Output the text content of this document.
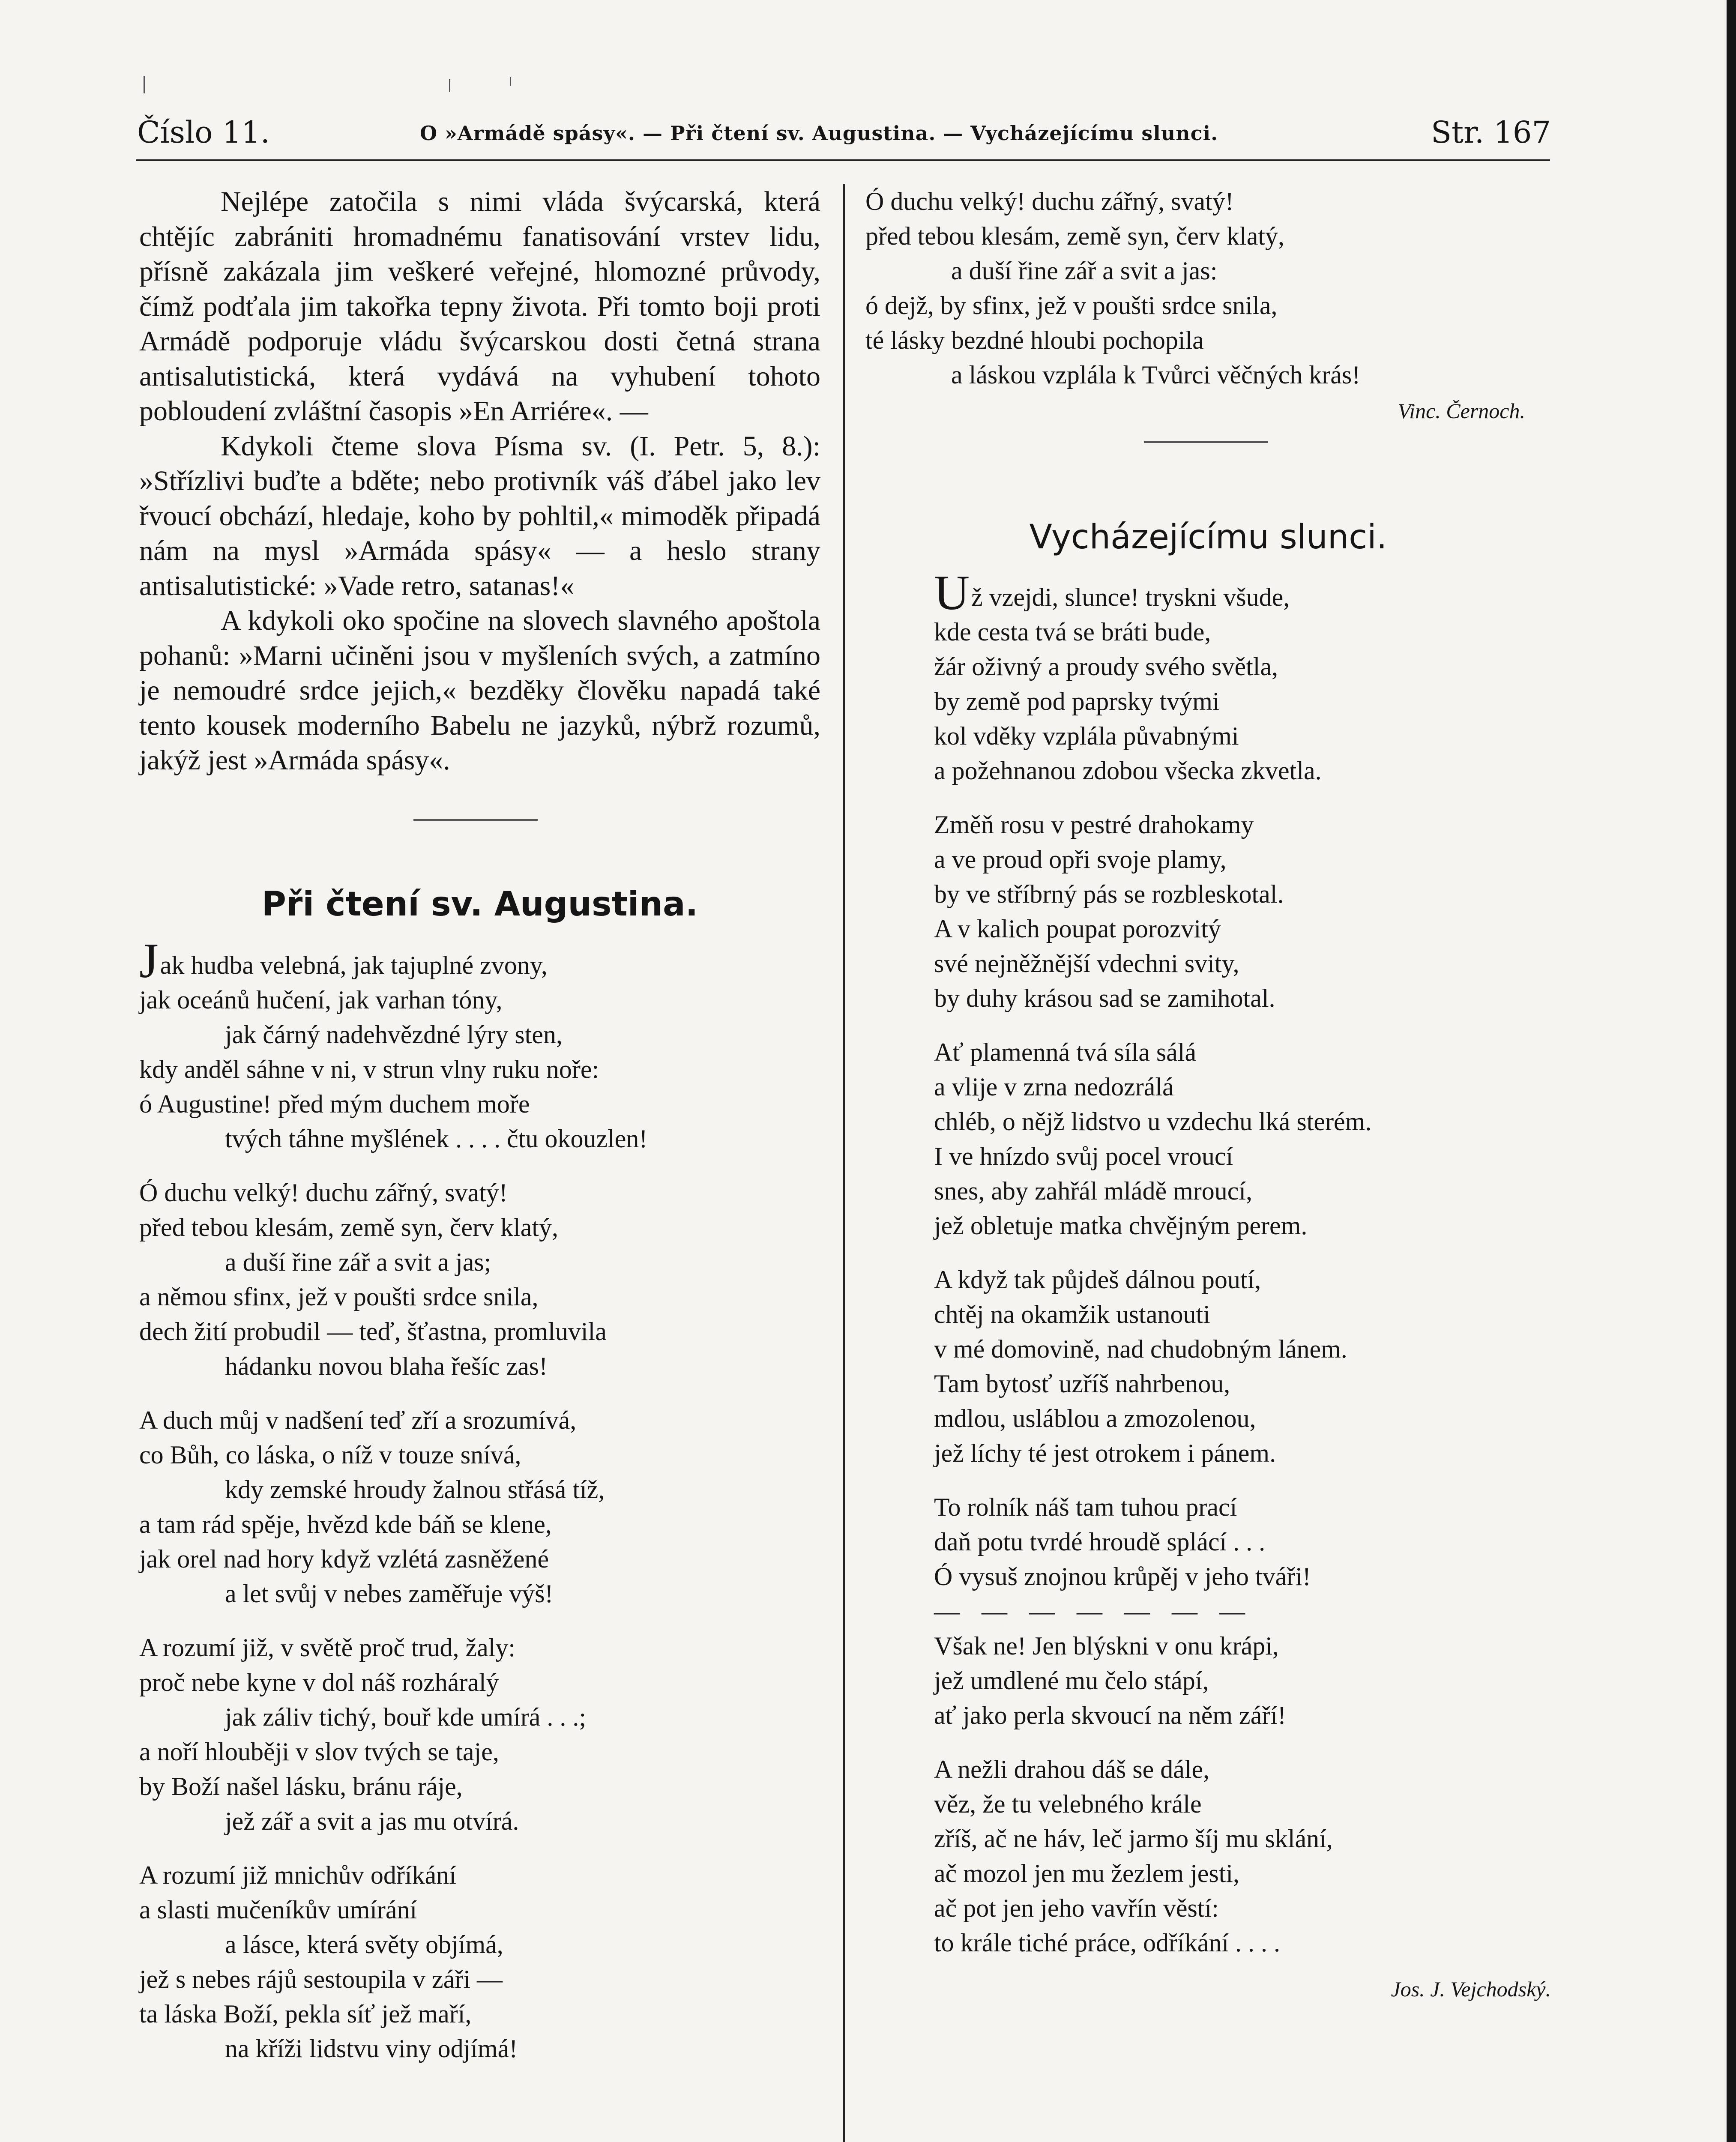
Číslo 11.	O »Armádě spásy«. — Při čtení sv. Augustina. — Vycházejícímu slunci.	Str. 167

Nejlépe zatočila s nimi vláda švýcarská, která chtějíc zabrániti hromadnému fanatisování vrstev lidu, přísně zakázala jim veškeré veřejné, hlomozné průvody, čímž podťala jim takořka tepny života. Při tomto boji proti Armádě podporuje vládu švýcarskou dosti četná strana antisalutistická, která vydává na vyhubení tohoto pobloudení zvláštní časopis »En Arriére«. —

Kdykoli čteme slova Písma sv. (I. Petr. 5, 8.): »Střízlivi buďte a bděte; nebo protivník váš ďábel jako lev řvoucí obchází, hledaje, koho by pohltil,« mimoděk připadá nám na mysl »Armáda spásy« — a heslo strany antisalutistické: »Vade retro, satanas!«

A kdykoli oko spočine na slovech slavného apoštola pohanů: »Marni učiněni jsou v myšleních svých, a zatmíno je nemoudré srdce jejich,« bezděky člověku napadá také tento kousek moderního Babelu ne jazyků, nýbrž rozumů, jakýž jest »Armáda spásy«.

Při čtení sv. Augustina.
Jak hudba velebná, jak tajuplné zvony,
jak oceánů hučení, jak varhan tóny,
jak čárný nadehvězdné lýry sten,
kdy anděl sáhne v ni, v strun vlny ruku noře:
ó Augustine! před mým duchem moře
tvých táhne myšlének . . . . čtu okouzlen!
Ó duchu velký! duchu zářný, svatý!
před tebou klesám, země syn, červ klatý,
a duší řine zář a svit a jas;
a němou sfinx, jež v poušti srdce snila,
dech žití probudil — teď, šťastna, promluvila
hádanku novou blaha řešíc zas!
A duch můj v nadšení teď zří a srozumívá,
co Bůh, co láska, o níž v touze snívá,
kdy zemské hroudy žalnou střásá tíž,
a tam rád spěje, hvězd kde báň se klene,
jak orel nad hory když vzlétá zasněžené
a let svůj v nebes zaměřuje výš!
A rozumí již, v světě proč trud, žaly:
proč nebe kyne v dol náš rozháralý
jak záliv tichý, bouř kde umírá . . .;
a noří hlouběji v slov tvých se taje,
by Boží našel lásku, bránu ráje,
jež zář a svit a jas mu otvírá.
A rozumí již mnichův odříkání
a slasti mučeníkův umírání
a lásce, která světy objímá,
jež s nebes rájů sestoupila v záři —
ta láska Boží, pekla síť jež maří,
na kříži lidstvu viny odjímá!
Ó duchu velký! duchu zářný, svatý!
před tebou klesám, země syn, červ klatý,
a duší řine zář a svit a jas:
ó dejž, by sfinx, jež v poušti srdce snila,
té lásky bezdné hloubi pochopila
a láskou vzplála k Tvůrci věčných krás!
Vinc. Černoch.
Vycházejícímu slunci.
Už vzejdi, slunce! tryskni všude,
kde cesta tvá se bráti bude,
žár oživný a proudy svého světla,
by země pod paprsky tvými
kol vděky vzplála půvabnými
a požehnanou zdobou všecka zkvetla.
Změň rosu v pestré drahokamy
a ve proud opři svoje plamy,
by ve stříbrný pás se rozbleskotal.
A v kalich poupat porozvitý
své nejněžnější vdechni svity,
by duhy krásou sad se zamihotal.
Ať plamenná tvá síla sálá
a vlije v zrna nedozrálá
chléb, o nějž lidstvo u vzdechu lká sterém.
I ve hnízdo svůj pocel vroucí
snes, aby zahřál mládě mroucí,
jež obletuje matka chvějným perem.
A když tak půjdeš dálnou poutí,
chtěj na okamžik ustanouti
v mé domovině, nad chudobným lánem.
Tam bytosť uzříš nahrbenou,
mdlou, usláblou a zmozolenou,
jež líchy té jest otrokem i pánem.
To rolník náš tam tuhou prací
daň potu tvrdé hroudě splácí . . .
Ó vysuš znojnou krůpěj v jeho tváři!
— — — — — — —
Však ne! Jen blýskni v onu krápi,
jež umdlené mu čelo stápí,
ať jako perla skvoucí na něm září!
A nežli drahou dáš se dále,
věz, že tu velebného krále
zříš, ač ne háv, leč jarmo šíj mu sklání,
ač mozol jen mu žezlem jesti,
ač pot jen jeho vavřín věstí:
to krále tiché práce, odříkání . . . .
Jos. J. Vejchodský.
